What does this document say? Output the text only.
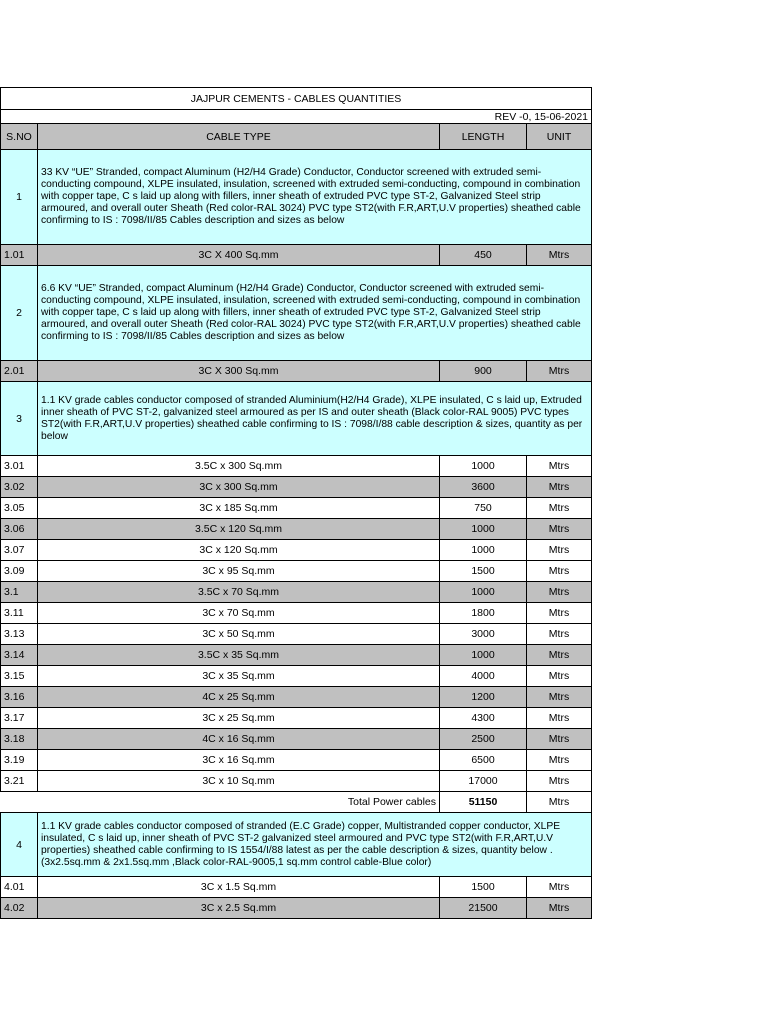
JAJPUR CEMENTS - CABLES QUANTITIES			
REV -0, 15-06-2021			
S.NO	CABLE TYPE	LENGTH	UNIT
1	33 KV “UE” Stranded, compact Aluminum (H2/H4 Grade) Conductor, Conductor screened with extruded semi-conducting compound, XLPE insulated, insulation, screened with extruded semi-conducting, compound in combination with copper tape, C s laid up along with fillers, inner sheath of extruded PVC type ST-2, Galvanized Steel strip armoured, and overall outer Sheath (Red color-RAL 3024) PVC type ST2(with F.R,ART,U.V properties) sheathed cable confirming to IS : 7098/II/85 Cables description and sizes as below		
1.01	3C X 400 Sq.mm	450	Mtrs
2	6.6 KV “UE” Stranded, compact Aluminum (H2/H4 Grade) Conductor, Conductor screened with extruded semi-conducting compound, XLPE insulated, insulation, screened with extruded semi-conducting, compound in combination with copper tape, C s laid up along with fillers, inner sheath of extruded PVC type ST-2, Galvanized Steel strip armoured, and overall outer Sheath (Red color-RAL 3024) PVC type ST2(with F.R,ART,U.V properties) sheathed cable confirming to IS : 7098/II/85 Cables description and sizes as below		
2.01	3C X 300 Sq.mm	900	Mtrs
3	1.1 KV grade cables conductor composed of stranded Aluminium(H2/H4 Grade), XLPE insulated, C s laid up, Extruded inner sheath of PVC ST-2, galvanized steel armoured as per IS and outer sheath (Black color-RAL 9005) PVC types ST2(with F.R,ART,U.V properties) sheathed cable confirming to IS : 7098/I/88 cable description & sizes, quantity as per below		
3.01	3.5C x 300 Sq.mm	1000	Mtrs
3.02	3C x 300 Sq.mm	3600	Mtrs
3.05	3C x 185 Sq.mm	750	Mtrs
3.06	3.5C x 120 Sq.mm	1000	Mtrs
3.07	3C x 120 Sq.mm	1000	Mtrs
3.09	3C x 95 Sq.mm	1500	Mtrs
3.1	3.5C x 70 Sq.mm	1000	Mtrs
3.11	3C x 70 Sq.mm	1800	Mtrs
3.13	3C x 50 Sq.mm	3000	Mtrs
3.14	3.5C x 35 Sq.mm	1000	Mtrs
3.15	3C x 35 Sq.mm	4000	Mtrs
3.16	4C x 25 Sq.mm	1200	Mtrs
3.17	3C x 25 Sq.mm	4300	Mtrs
3.18	4C x 16 Sq.mm	2500	Mtrs
3.19	3C x 16 Sq.mm	6500	Mtrs
3.21	3C x 10 Sq.mm	17000	Mtrs
Total Power cables		51150	Mtrs
4	1.1 KV grade cables conductor composed of stranded (E.C Grade) copper, Multistranded copper conductor, XLPE insulated, C s laid up, inner sheath of PVC ST-2 galvanized steel armoured and PVC type ST2(with F.R,ART,U.V properties) sheathed cable confirming to IS 1554/I/88 latest as per the cable description & sizes, quantity below .
(3x2.5sq.mm & 2x1.5sq.mm ,Black color-RAL-9005,1 sq.mm control cable-Blue color)		
4.01	3C x 1.5 Sq.mm	1500	Mtrs
4.02	3C x 2.5 Sq.mm	21500	Mtrs
